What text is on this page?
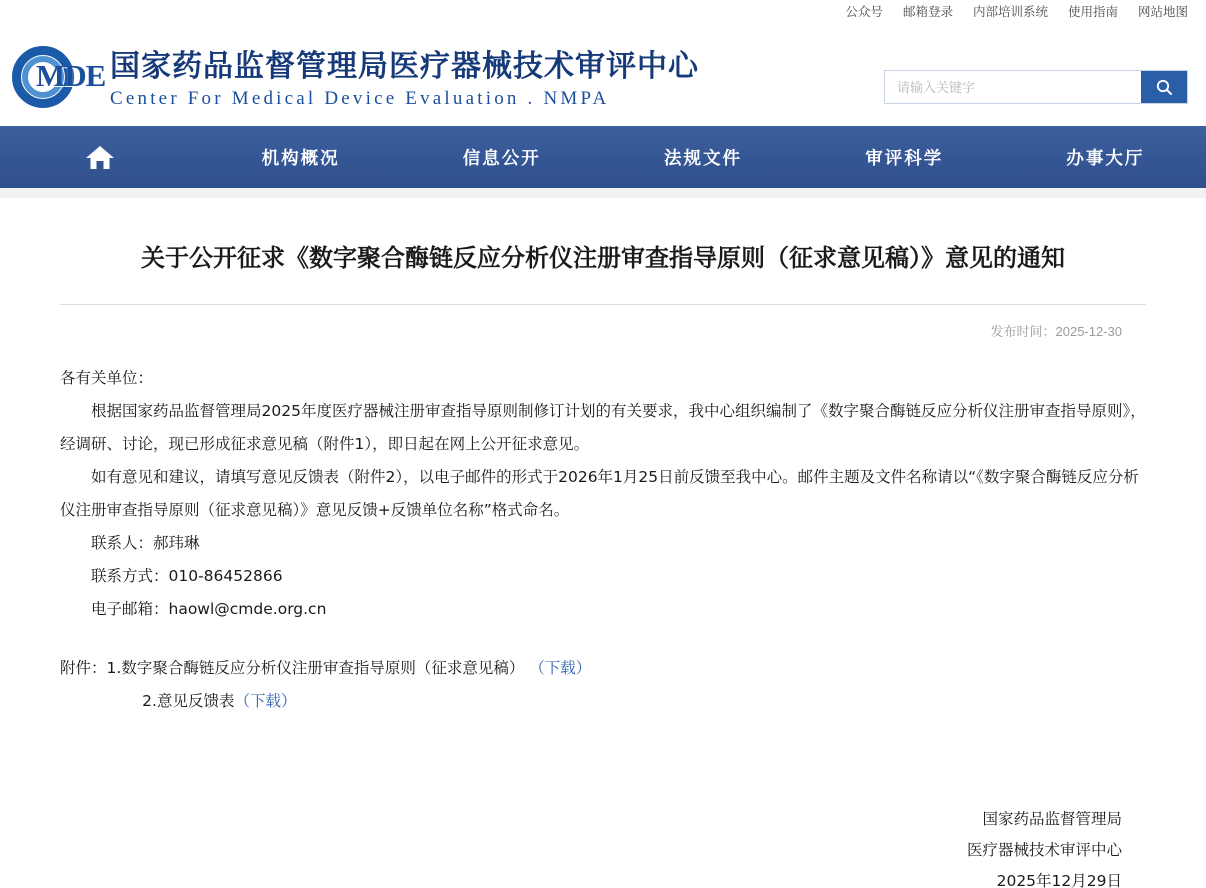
公众号 邮箱登录 内部培训系统 使用指南 网站地图
MDE 国家药品监督管理局医疗器械技术审评中心
Center For Medical Device Evaluation . NMPA
请输入关键字
机构概况	信息公开	法规文件	审评科学	办事大厅
关于公开征求《数字聚合酶链反应分析仪注册审查指导原则（征求意见稿）》意见的通知
发布时间：2025-12-30
各有关单位：
根据国家药品监督管理局2025年度医疗器械注册审查指导原则制修订计划的有关要求，我中心组织编制了《数字聚合酶链反应分析仪注册审查指导原则》，经调研、讨论，现已形成征求意见稿（附件1），即日起在网上公开征求意见。
如有意见和建议，请填写意见反馈表（附件2），以电子邮件的形式于2026年1月25日前反馈至我中心。邮件主题及文件名称请以“《数字聚合酶链反应分析仪注册审查指导原则（征求意见稿）》意见反馈+反馈单位名称”格式命名。
联系人：郝玮琳
联系方式：010-86452866
电子邮箱：haowl@cmde.org.cn
附件：1.数字聚合酶链反应分析仪注册审查指导原则（征求意见稿） （下载）
2.意见反馈表（下载）
国家药品监督管理局
医疗器械技术审评中心
2025年12月29日
